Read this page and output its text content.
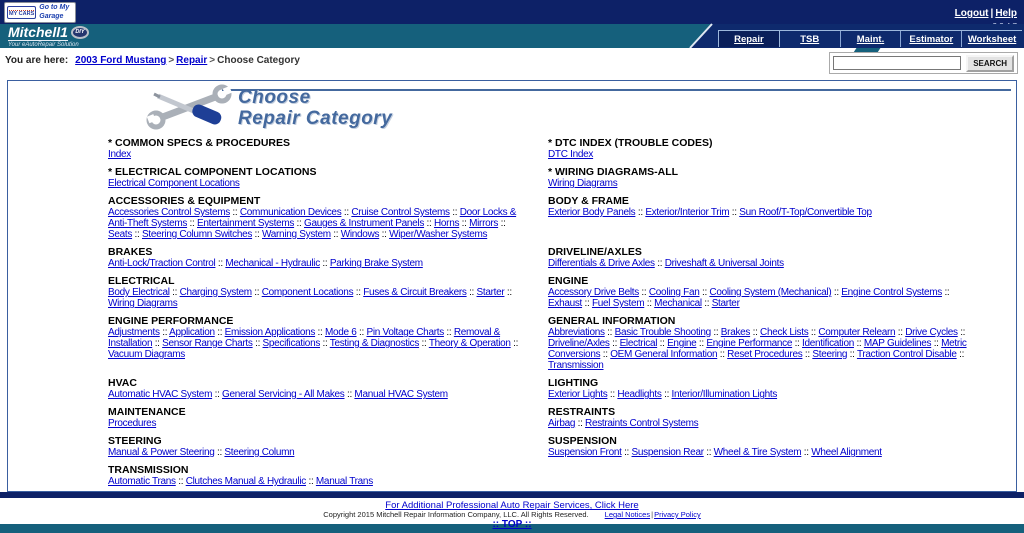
MY CARS
Go to My Garage	Logout | Help
Mitchell1 DIY
Your eAutoRepair Solution	Repair	TSB	Maint.	Estimator	Worksheet
You are here: 2003 Ford Mustang > Repair > Choose Category	SEARCH
Choose
Repair Category
* COMMON SPECS & PROCEDURES
Index

* DTC INDEX (TROUBLE CODES)
DTC Index

* ELECTRICAL COMPONENT LOCATIONS
Electrical Component Locations

* WIRING DIAGRAMS-ALL
Wiring Diagrams

ACCESSORIES & EQUIPMENT
Accessories Control Systems :: Communication Devices :: Cruise Control Systems :: Door Locks & Anti-Theft Systems :: Entertainment Systems :: Gauges & Instrument Panels :: Horns :: Mirrors :: Seats :: Steering Column Switches :: Warning System :: Windows :: Wiper/Washer Systems

BODY & FRAME
Exterior Body Panels :: Exterior/Interior Trim :: Sun Roof/T-Top/Convertible Top

BRAKES
Anti-Lock/Traction Control :: Mechanical - Hydraulic :: Parking Brake System

DRIVELINE/AXLES
Differentials & Drive Axles :: Driveshaft & Universal Joints

ELECTRICAL
Body Electrical :: Charging System :: Component Locations :: Fuses & Circuit Breakers :: Starter :: Wiring Diagrams

ENGINE
Accessory Drive Belts :: Cooling Fan :: Cooling System (Mechanical) :: Engine Control Systems :: Exhaust :: Fuel System :: Mechanical :: Starter

ENGINE PERFORMANCE
Adjustments :: Application :: Emission Applications :: Mode 6 :: Pin Voltage Charts :: Removal & Installation :: Sensor Range Charts :: Specifications :: Testing & Diagnostics :: Theory & Operation :: Vacuum Diagrams

GENERAL INFORMATION
Abbreviations :: Basic Trouble Shooting :: Brakes :: Check Lists :: Computer Relearn :: Drive Cycles :: Driveline/Axles :: Electrical :: Engine :: Engine Performance :: Identification :: MAP Guidelines :: Metric Conversions :: OEM General Information :: Reset Procedures :: Steering :: Traction Control Disable :: Transmission

HVAC
Automatic HVAC System :: General Servicing - All Makes :: Manual HVAC System

LIGHTING
Exterior Lights :: Headlights :: Interior/Illumination Lights

MAINTENANCE
Procedures

RESTRAINTS
Airbag :: Restraints Control Systems

STEERING
Manual & Power Steering :: Steering Column

SUSPENSION
Suspension Front :: Suspension Rear :: Wheel & Tire System :: Wheel Alignment

TRANSMISSION
Automatic Trans :: Clutches Manual & Hydraulic :: Manual Trans	

For Additional Professional Auto Repair Services, Click Here
Copyright 2015 Mitchell Repair Information Company, LLC. All Rights Reserved. Legal Notices|Privacy Policy
:: TOP ::
